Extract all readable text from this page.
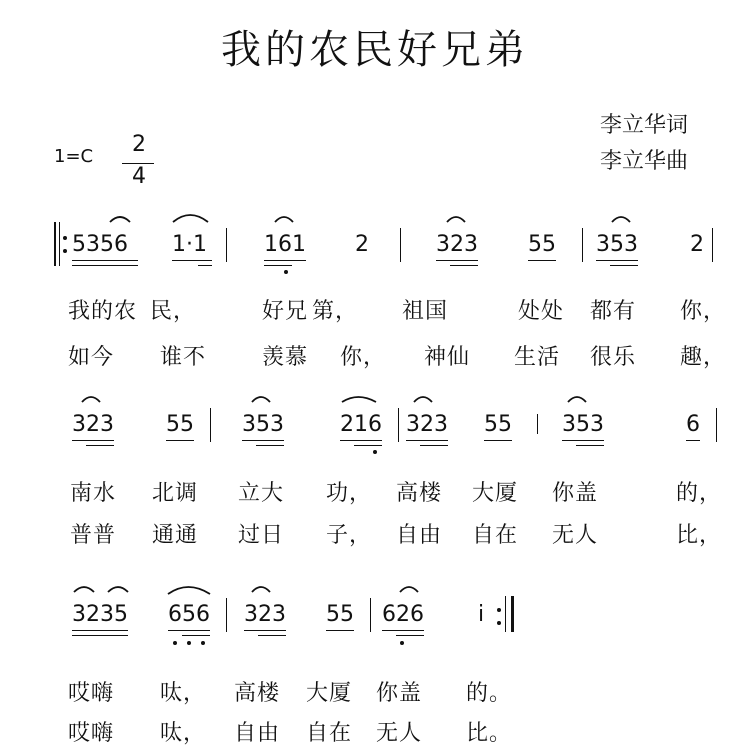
我的农民好兄弟
李立华词
李立华曲
1=C 2
4
5356 1·1	161 2	323 55 353 2
我的农 民，	好兄 第， 祖国	处处 都有 你，
如今 谁不	羡慕 你， 神仙 生活 很乐 趣，
323 55 353	216 323 55 353	6
南水 北调 立大 功， 高楼 大厦 你盖	的，
普普 通通 过日 子， 自由 自在 无人	比，
3235 656 323 55 626 i
哎嗨 呔， 高楼 大厦 你盖 的。
哎嗨 呔， 自由 自在 无人 比。
